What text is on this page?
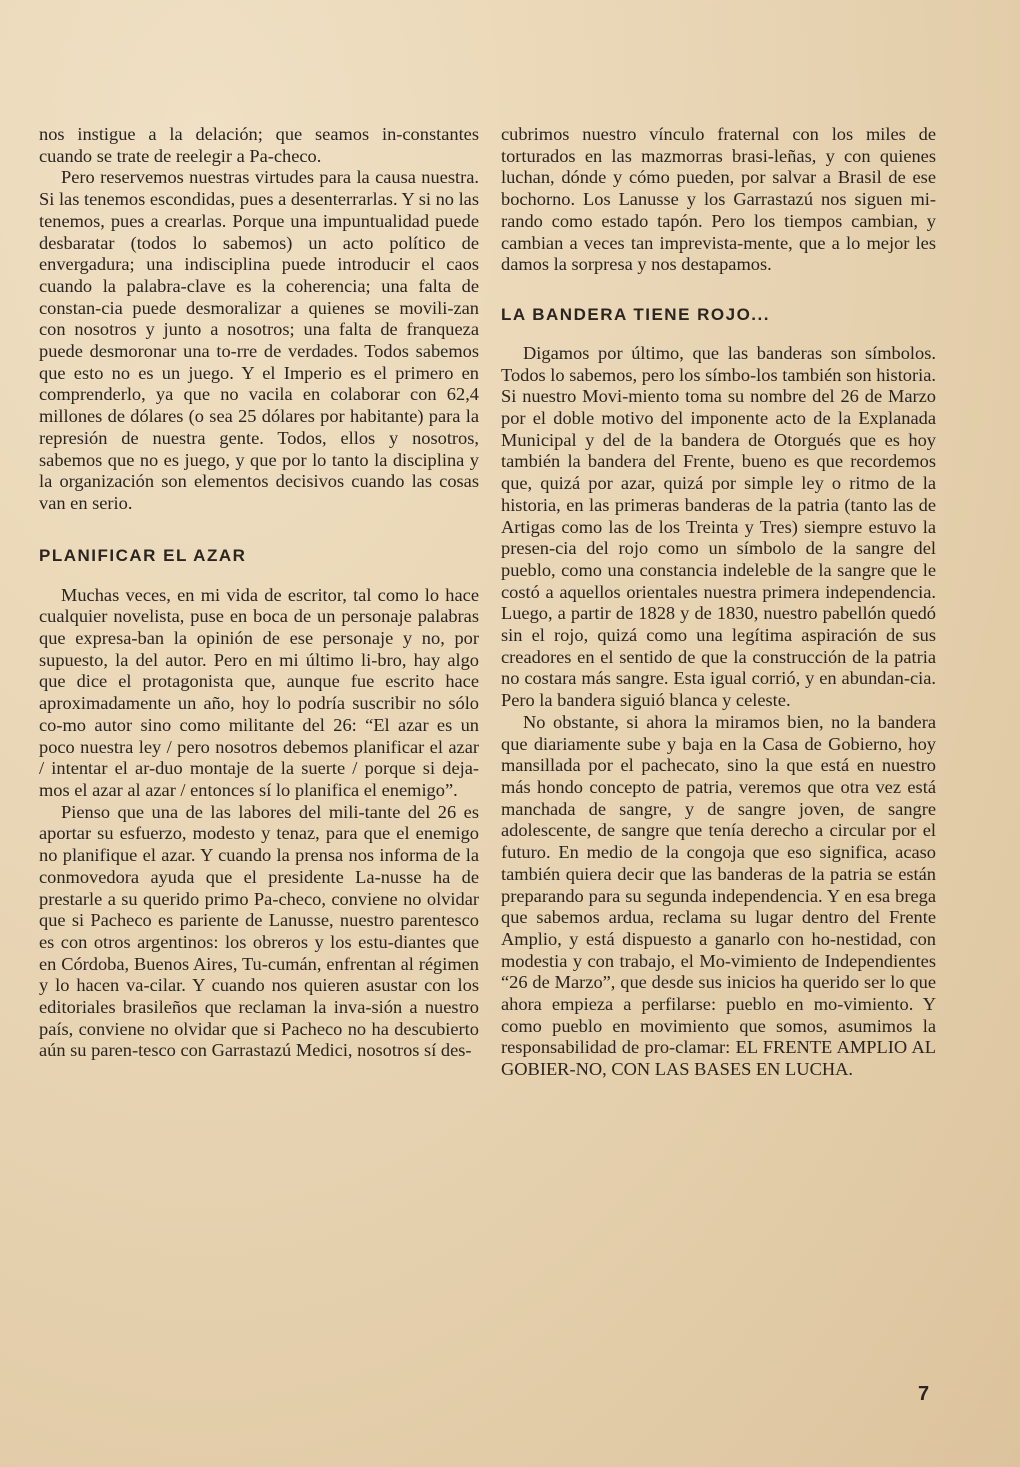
nos instigue a la delación; que seamos in-constantes cuando se trate de reelegir a Pa-checo.

Pero reservemos nuestras virtudes para la causa nuestra. Si las tenemos escondidas, pues a desenterrarlas. Y si no las tenemos, pues a crearlas. Porque una impuntualidad puede desbaratar (todos lo sabemos) un acto político de envergadura; una indisciplina puede introducir el caos cuando la palabra-clave es la coherencia; una falta de constan-cia puede desmoralizar a quienes se movili-zan con nosotros y junto a nosotros; una falta de franqueza puede desmoronar una to-rre de verdades. Todos sabemos que esto no es un juego. Y el Imperio es el primero en comprenderlo, ya que no vacila en colaborar con 62,4 millones de dólares (o sea 25 dólares por habitante) para la represión de nuestra gente. Todos, ellos y nosotros, sabemos que no es juego, y que por lo tanto la disciplina y la organización son elementos decisivos cuando las cosas van en serio.

PLANIFICAR EL AZAR

Muchas veces, en mi vida de escritor, tal como lo hace cualquier novelista, puse en boca de un personaje palabras que expresa-ban la opinión de ese personaje y no, por supuesto, la del autor. Pero en mi último li-bro, hay algo que dice el protagonista que, aunque fue escrito hace aproximadamente un año, hoy lo podría suscribir no sólo co-mo autor sino como militante del 26: “El azar es un poco nuestra ley / pero nosotros debemos planificar el azar / intentar el ar-duo montaje de la suerte / porque si deja-mos el azar al azar / entonces sí lo planifica el enemigo”.

Pienso que una de las labores del mili-tante del 26 es aportar su esfuerzo, modesto y tenaz, para que el enemigo no planifique el azar. Y cuando la prensa nos informa de la conmovedora ayuda que el presidente La-nusse ha de prestarle a su querido primo Pa-checo, conviene no olvidar que si Pacheco es pariente de Lanusse, nuestro parentesco es con otros argentinos: los obreros y los estu-diantes que en Córdoba, Buenos Aires, Tu-cumán, enfrentan al régimen y lo hacen va-cilar. Y cuando nos quieren asustar con los editoriales brasileños que reclaman la inva-sión a nuestro país, conviene no olvidar que si Pacheco no ha descubierto aún su paren-tesco con Garrastazú Medici, nosotros sí des-

cubrimos nuestro vínculo fraternal con los miles de torturados en las mazmorras brasi-leñas, y con quienes luchan, dónde y cómo pueden, por salvar a Brasil de ese bochorno. Los Lanusse y los Garrastazú nos siguen mi-rando como estado tapón. Pero los tiempos cambian, y cambian a veces tan imprevista-mente, que a lo mejor les damos la sorpresa y nos destapamos.

LA BANDERA TIENE ROJO...

Digamos por último, que las banderas son símbolos. Todos lo sabemos, pero los símbo-los también son historia. Si nuestro Movi-miento toma su nombre del 26 de Marzo por el doble motivo del imponente acto de la Explanada Municipal y del de la bandera de Otorgués que es hoy también la bandera del Frente, bueno es que recordemos que, quizá por azar, quizá por simple ley o ritmo de la historia, en las primeras banderas de la patria (tanto las de Artigas como las de los Treinta y Tres) siempre estuvo la presen-cia del rojo como un símbolo de la sangre del pueblo, como una constancia indeleble de la sangre que le costó a aquellos orientales nuestra primera independencia. Luego, a partir de 1828 y de 1830, nuestro pabellón quedó sin el rojo, quizá como una legítima aspiración de sus creadores en el sentido de que la construcción de la patria no costara más sangre. Esta igual corrió, y en abundan-cia. Pero la bandera siguió blanca y celeste.

No obstante, si ahora la miramos bien, no la bandera que diariamente sube y baja en la Casa de Gobierno, hoy mansillada por el pachecato, sino la que está en nuestro más hondo concepto de patria, veremos que otra vez está manchada de sangre, y de sangre joven, de sangre adolescente, de sangre que tenía derecho a circular por el futuro. En medio de la congoja que eso significa, acaso también quiera decir que las banderas de la patria se están preparando para su segunda independencia. Y en esa brega que sabemos ardua, reclama su lugar dentro del Frente Amplio, y está dispuesto a ganarlo con ho-nestidad, con modestia y con trabajo, el Mo-vimiento de Independientes “26 de Marzo”, que desde sus inicios ha querido ser lo que ahora empieza a perfilarse: pueblo en mo-vimiento. Y como pueblo en movimiento que somos, asumimos la responsabilidad de pro-clamar: EL FRENTE AMPLIO AL GOBIER-NO, CON LAS BASES EN LUCHA.

7
